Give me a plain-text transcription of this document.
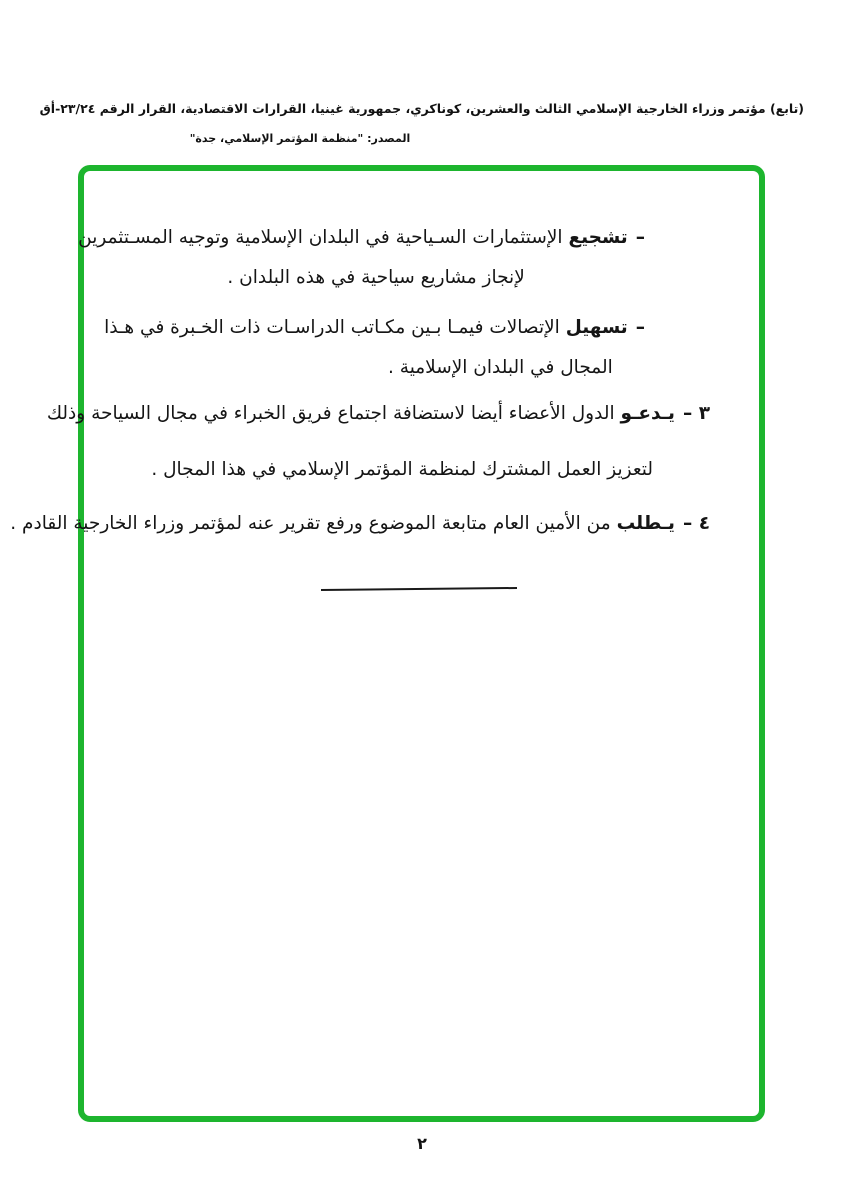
(تابع) مؤتمر وزراء الخارجية الإسلامي الثالث والعشرين، كوناكري، جمهورية غينيا، القرارات الاقتصادية، القرار الرقم ٢٣/٢٤-أق
المصدر: "منظمة المؤتمر الإسلامي، جدة"
–
تشجيع الإستثمارات السـياحية في البلدان الإسلامية وتوجيه المسـتثمرين
لإنجاز مشاريع سياحية في هذه البلدان .
–
تسهيل الإتصالات فيمـا بـين مكـاتب الدراسـات ذات الخـبرة في هـذا
المجال في البلدان الإسلامية .
٣ –
يـدعـو الدول الأعضاء أيضا لاستضافة اجتماع فريق الخبراء في مجال السياحة وذلك
لتعزيز العمل المشترك لمنظمة المؤتمر الإسلامي في هذا المجال .
٤ –
يـطلب من الأمين العام متابعة الموضوع ورفع تقرير عنه لمؤتمر وزراء الخارجية القادم .
٢
